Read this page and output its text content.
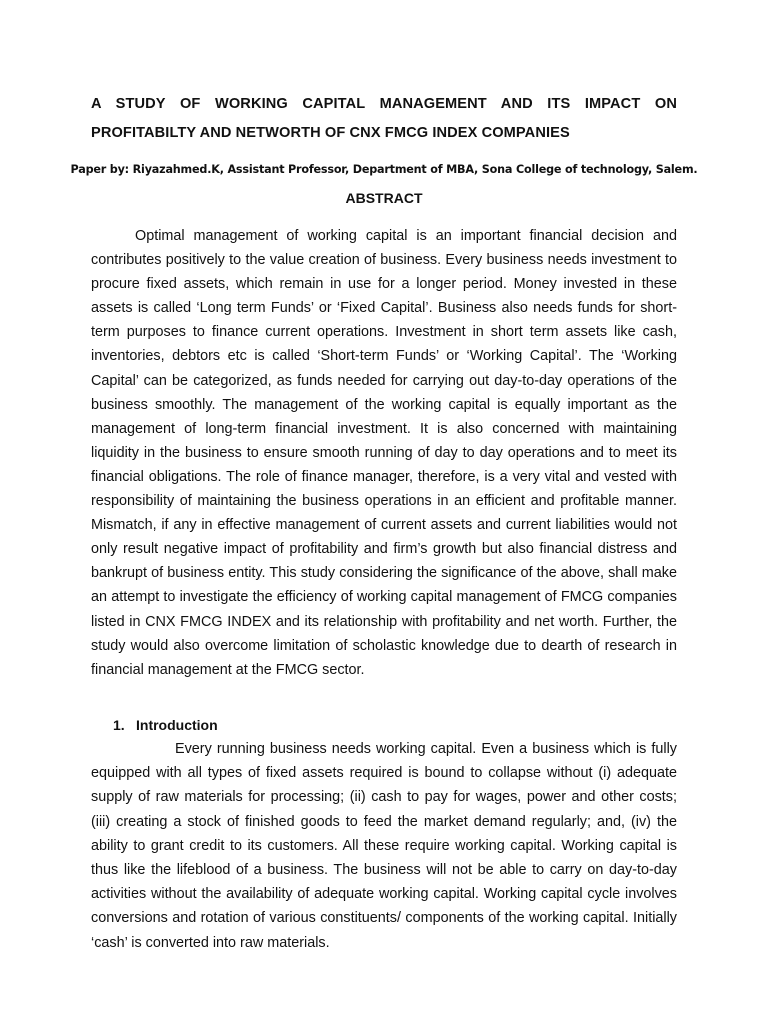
A STUDY OF WORKING CAPITAL MANAGEMENT AND ITS IMPACT ON PROFITABILTY AND NETWORTH OF CNX FMCG INDEX COMPANIES

Paper by: Riyazahmed.K, Assistant Professor, Department of MBA, Sona College of technology, Salem.

ABSTRACT

Optimal management of working capital is an important financial decision and contributes positively to the value creation of business. Every business needs investment to procure fixed assets, which remain in use for a longer period. Money invested in these assets is called ‘Long term Funds’ or ‘Fixed Capital’. Business also needs funds for short-term purposes to finance current operations. Investment in short term assets like cash, inventories, debtors etc is called ‘Short-term Funds’ or ‘Working Capital’. The ‘Working Capital’ can be categorized, as funds needed for carrying out day-to-day operations of the business smoothly. The management of the working capital is equally important as the management of long-term financial investment. It is also concerned with maintaining liquidity in the business to ensure smooth running of day to day operations and to meet its financial obligations. The role of finance manager, therefore, is a very vital and vested with responsibility of maintaining the business operations in an efficient and profitable manner. Mismatch, if any in effective management of current assets and current liabilities would not only result negative impact of profitability and firm’s growth but also financial distress and bankrupt of business entity. This study considering the significance of the above, shall make an attempt to investigate the efficiency of working capital management of FMCG companies listed in CNX FMCG INDEX and its relationship with profitability and net worth. Further, the study would also overcome limitation of scholastic knowledge due to dearth of research in financial management at the FMCG sector.

1. Introduction

Every running business needs working capital. Even a business which is fully equipped with all types of fixed assets required is bound to collapse without (i) adequate supply of raw materials for processing; (ii) cash to pay for wages, power and other costs; (iii) creating a stock of finished goods to feed the market demand regularly; and, (iv) the ability to grant credit to its customers. All these require working capital. Working capital is thus like the lifeblood of a business. The business will not be able to carry on day-to-day activities without the availability of adequate working capital. Working capital cycle involves conversions and rotation of various constituents/ components of the working capital. Initially ‘cash’ is converted into raw materials.
